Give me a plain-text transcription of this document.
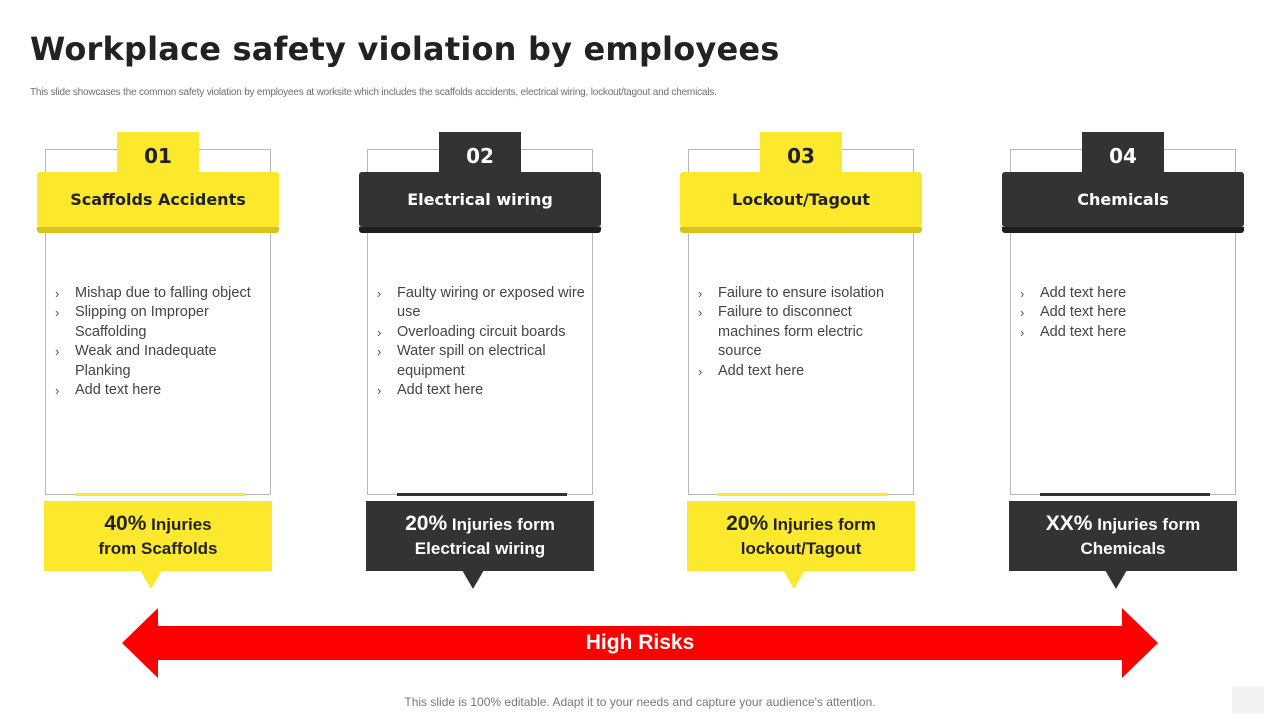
Workplace safety violation by employees
This slide showcases the common safety violation by employees at worksite which includes the scaffolds accidents, electrical wiring, lockout/tagout and chemicals.
01
Scaffolds Accidents
› Mishap due to falling object
› Slipping on Improper Scaffolding
› Weak and Inadequate Planking
› Add text here
40% Injuries
from Scaffolds
02
Electrical wiring
› Faulty wiring or exposed wire use
› Overloading circuit boards
› Water spill on electrical equipment
› Add text here
20% Injuries form
Electrical wiring
03
Lockout/Tagout
› Failure to ensure isolation
› Failure to disconnect machines form electric source
› Add text here
20% Injuries form
lockout/Tagout
04
Chemicals
› Add text here
› Add text here
› Add text here
XX% Injuries form
Chemicals
High Risks
This slide is 100% editable. Adapt it to your needs and capture your audience's attention.
